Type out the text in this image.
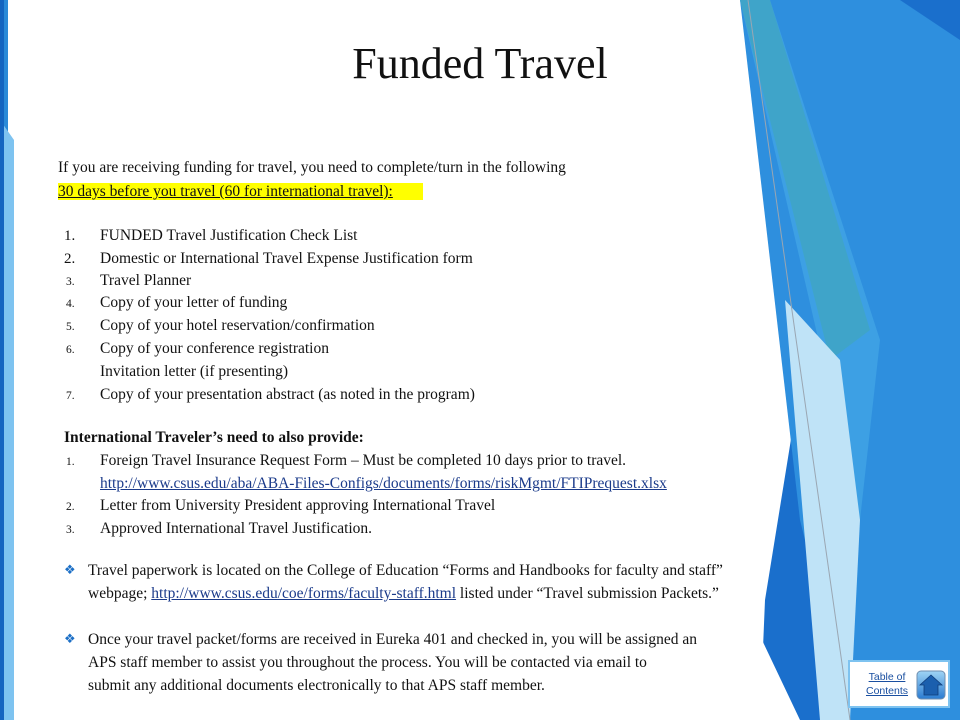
Funded Travel
If you are receiving funding for travel, you need to complete/turn in the following
30 days before you travel (60 for international travel):
1. FUNDED Travel Justification Check List
2. Domestic or International Travel Expense Justification form
3. Travel Planner
4. Copy of your letter of funding
5. Copy of your hotel reservation/confirmation
6. Copy of your conference registration
Invitation letter (if presenting)
7. Copy of your presentation abstract (as noted in the program)
International Traveler’s need to also provide:
1. Foreign Travel Insurance Request Form – Must be completed 10 days prior to travel.
http://www.csus.edu/aba/ABA-Files-Configs/documents/forms/riskMgmt/FTIPrequest.xlsx
2. Letter from University President approving International Travel
3. Approved International Travel Justification.
❖ Travel paperwork is located on the College of Education “Forms and Handbooks for faculty and staff”
webpage; http://www.csus.edu/coe/forms/faculty-staff.html listed under “Travel submission Packets.”
❖ Once your travel packet/forms are received in Eureka 401 and checked in, you will be assigned an
APS staff member to assist you throughout the process. You will be contacted via email to
submit any additional documents electronically to that APS staff member.	Table of
Contents
